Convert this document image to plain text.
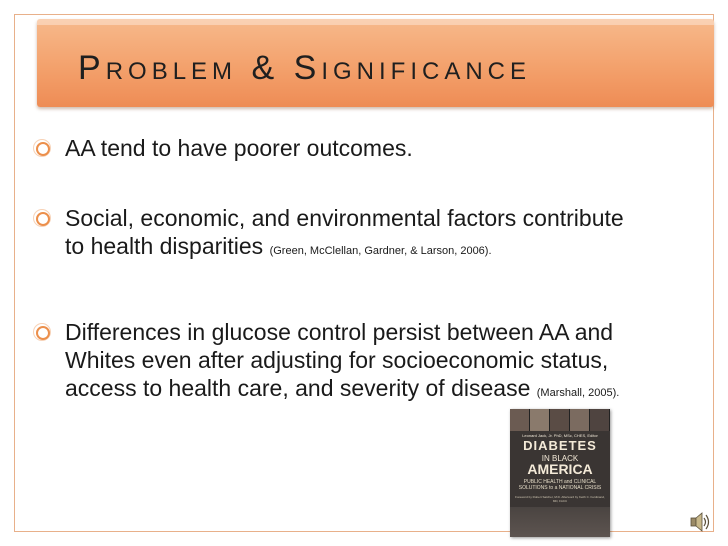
PROBLEM & SIGNIFICANCE
AA tend to have poorer outcomes.
Social, economic, and environmental factors contribute to health disparities (Green, McClellan, Gardner, & Larson, 2006).
Differences in glucose control persist between AA and Whites even after adjusting for socioeconomic status, access to health care, and severity of disease (Marshall, 2005).
Leonard Jack, Jr. PhD, MSc, CHES, Editor
DIABETES
IN BLACK
AMERICA
PUBLIC HEALTH and CLINICAL SOLUTIONS to a NATIONAL CRISIS
Foreword by Robert Satcher, M.D. Afterword by Keith C. Ferdinand, MD, FACC
